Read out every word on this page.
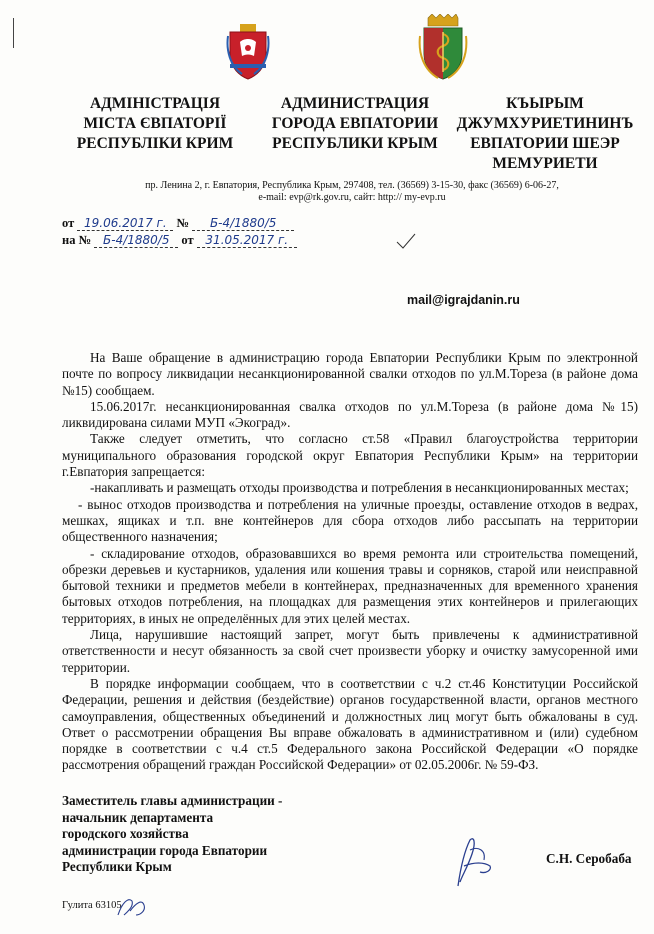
АДМІНІСТРАЦІЯ
МІСТА ЄВПАТОРІЇ
РЕСПУБЛІКИ КРИМ
АДМИНИСТРАЦИЯ
ГОРОДА ЕВПАТОРИИ
РЕСПУБЛИКИ КРЫМ
КЪЫРЫМ
ДЖУМХУРИЕТИНИНЪ
ЕВПАТОРИИ ШЕЭР
МЕМУРИЕТИ
пр. Ленина 2, г. Евпатория, Республика Крым, 297408, тел. (36569) 3-15-30, факс (36569) 6-06-27,
e-mail: evp@rk.gov.ru, сайт: http:// my-evp.ru
от 19.06.2017 г. № Б-4/1880/5
на № Б-4/1880/5 от 31.05.2017 г.
mail@igrajdanin.ru

На Ваше обращение в администрацию города Евпатории Республики Крым по электронной почте по вопросу ликвидации несанкционированной свалки отходов по ул.М.Тореза (в районе дома №15) сообщаем.

15.06.2017г. несанкционированная свалка отходов по ул.М.Тореза (в районе дома №15) ликвидирована силами МУП «Экоград».

Также следует отметить, что согласно ст.58 «Правил благоустройства территории муниципального образования городской округ Евпатория Республики Крым» на территории г.Евпатория запрещается:

-накапливать и размещать отходы производства и потребления в несанкционированных местах;

- вынос отходов производства и потребления на уличные проезды, оставление отходов в ведрах, мешках, ящиках и т.п. вне контейнеров для сбора отходов либо рассыпать на территории общественного назначения;

- складирование отходов, образовавшихся во время ремонта или строительства помещений, обрезки деревьев и кустарников, удаления или кошения травы и сорняков, старой или неисправной бытовой техники и предметов мебели в контейнерах, предназначенных для временного хранения бытовых отходов потребления, на площадках для размещения этих контейнеров и прилегающих территориях, в иных не определённых для этих целей местах.

Лица, нарушившие настоящий запрет, могут быть привлечены к административной ответственности и несут обязанность за свой счет произвести уборку и очистку замусоренной ими территории.

В порядке информации сообщаем, что в соответствии с ч.2 ст.46 Конституции Российской Федерации, решения и действия (бездействие) органов государственной власти, органов местного самоуправления, общественных объединений и должностных лиц могут быть обжалованы в суд. Ответ о рассмотрении обращения Вы вправе обжаловать в административном и (или) судебном порядке в соответствии с ч.4 ст.5 Федерального закона Российской Федерации «О порядке рассмотрения обращений граждан Российской Федерации» от 02.05.2006г. № 59-ФЗ.

Заместитель главы администрации -
начальник департамента
городского хозяйства
администрации города Евпатории
Республики Крым
С.Н. Серобаба
Гулита 63105
